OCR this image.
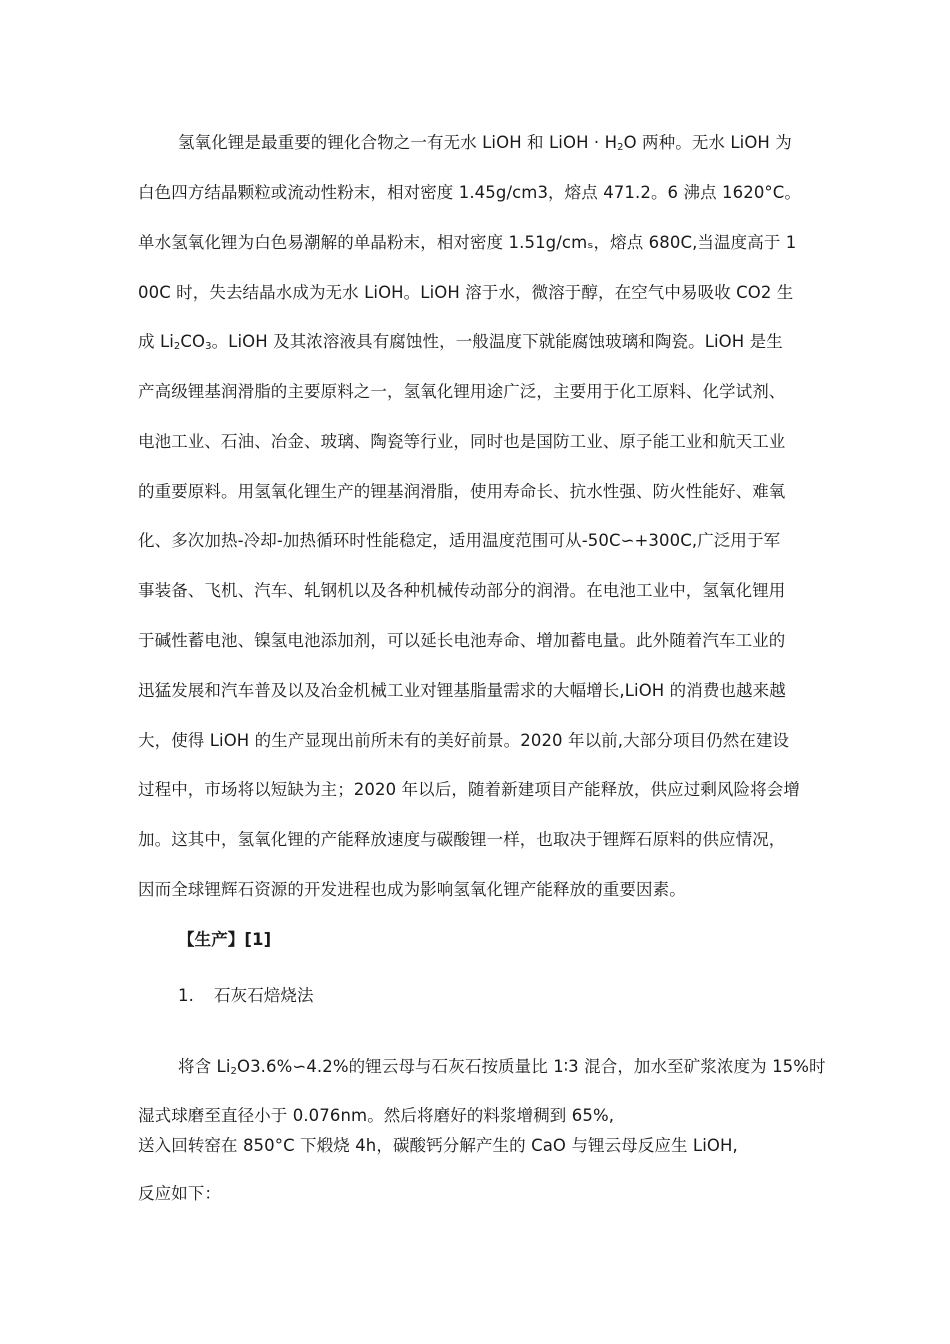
氢氧化锂是最重要的锂化合物之一有无水 LiOH 和 LiOH · $H_2O$ 两种。无水 LiOH 为
白色四方结晶颗粒或流动性粉末，相对密度 1.45g/cm3，熔点 471.2。6 沸点 1620°C。
单水氢氧化锂为白色易潮解的单晶粉末，相对密度 1.51g/cmₛ，熔点 680C,当温度高于 1
00C 时，失去结晶水成为无水 LiOH。LiOH 溶于水，微溶于醇，在空气中易吸收 CO2 生
成 $Li_2CO_3$。LiOH 及其浓溶液具有腐蚀性，一般温度下就能腐蚀玻璃和陶瓷。LiOH 是生
产高级锂基润滑脂的主要原料之一，氢氧化锂用途广泛，主要用于化工原料、化学试剂、
电池工业、石油、冶金、玻璃、陶瓷等行业，同时也是国防工业、原子能工业和航天工业
的重要原料。用氢氧化锂生产的锂基润滑脂，使用寿命长、抗水性强、防火性能好、难氧
化、多次加热-冷却-加热循环时性能稳定，适用温度范围可从-50C∽+300C,广泛用于军
事装备、飞机、汽车、轧钢机以及各种机械传动部分的润滑。在电池工业中，氢氧化锂用
于碱性蓄电池、镍氢电池添加剂，可以延长电池寿命、增加蓄电量。此外随着汽车工业的
迅猛发展和汽车普及以及冶金机械工业对锂基脂量需求的大幅增长,LiOH 的消费也越来越
大，使得 LiOH 的生产显现出前所未有的美好前景。2020 年以前,大部分项目仍然在建设
过程中，市场将以短缺为主；2020 年以后，随着新建项目产能释放，供应过剩风险将会增
加。这其中，氢氧化锂的产能释放速度与碳酸锂一样，也取决于锂辉石原料的供应情况，
因而全球锂辉石资源的开发进程也成为影响氢氧化锂产能释放的重要因素。
【生产】[1]
1. 石灰石焙烧法
将含 $Li_2O3.6\%∽4.2\%$的锂云母与石灰石按质量比 1∶3 混合，加水至矿浆浓度为 15%时
湿式球磨至直径小于 0.076nm。然后将磨好的料浆增稠到 65%,
送入回转窑在 850°C 下煅烧 4h，碳酸钙分解产生的 CaO 与锂云母反应生 LiOH,
反应如下：
